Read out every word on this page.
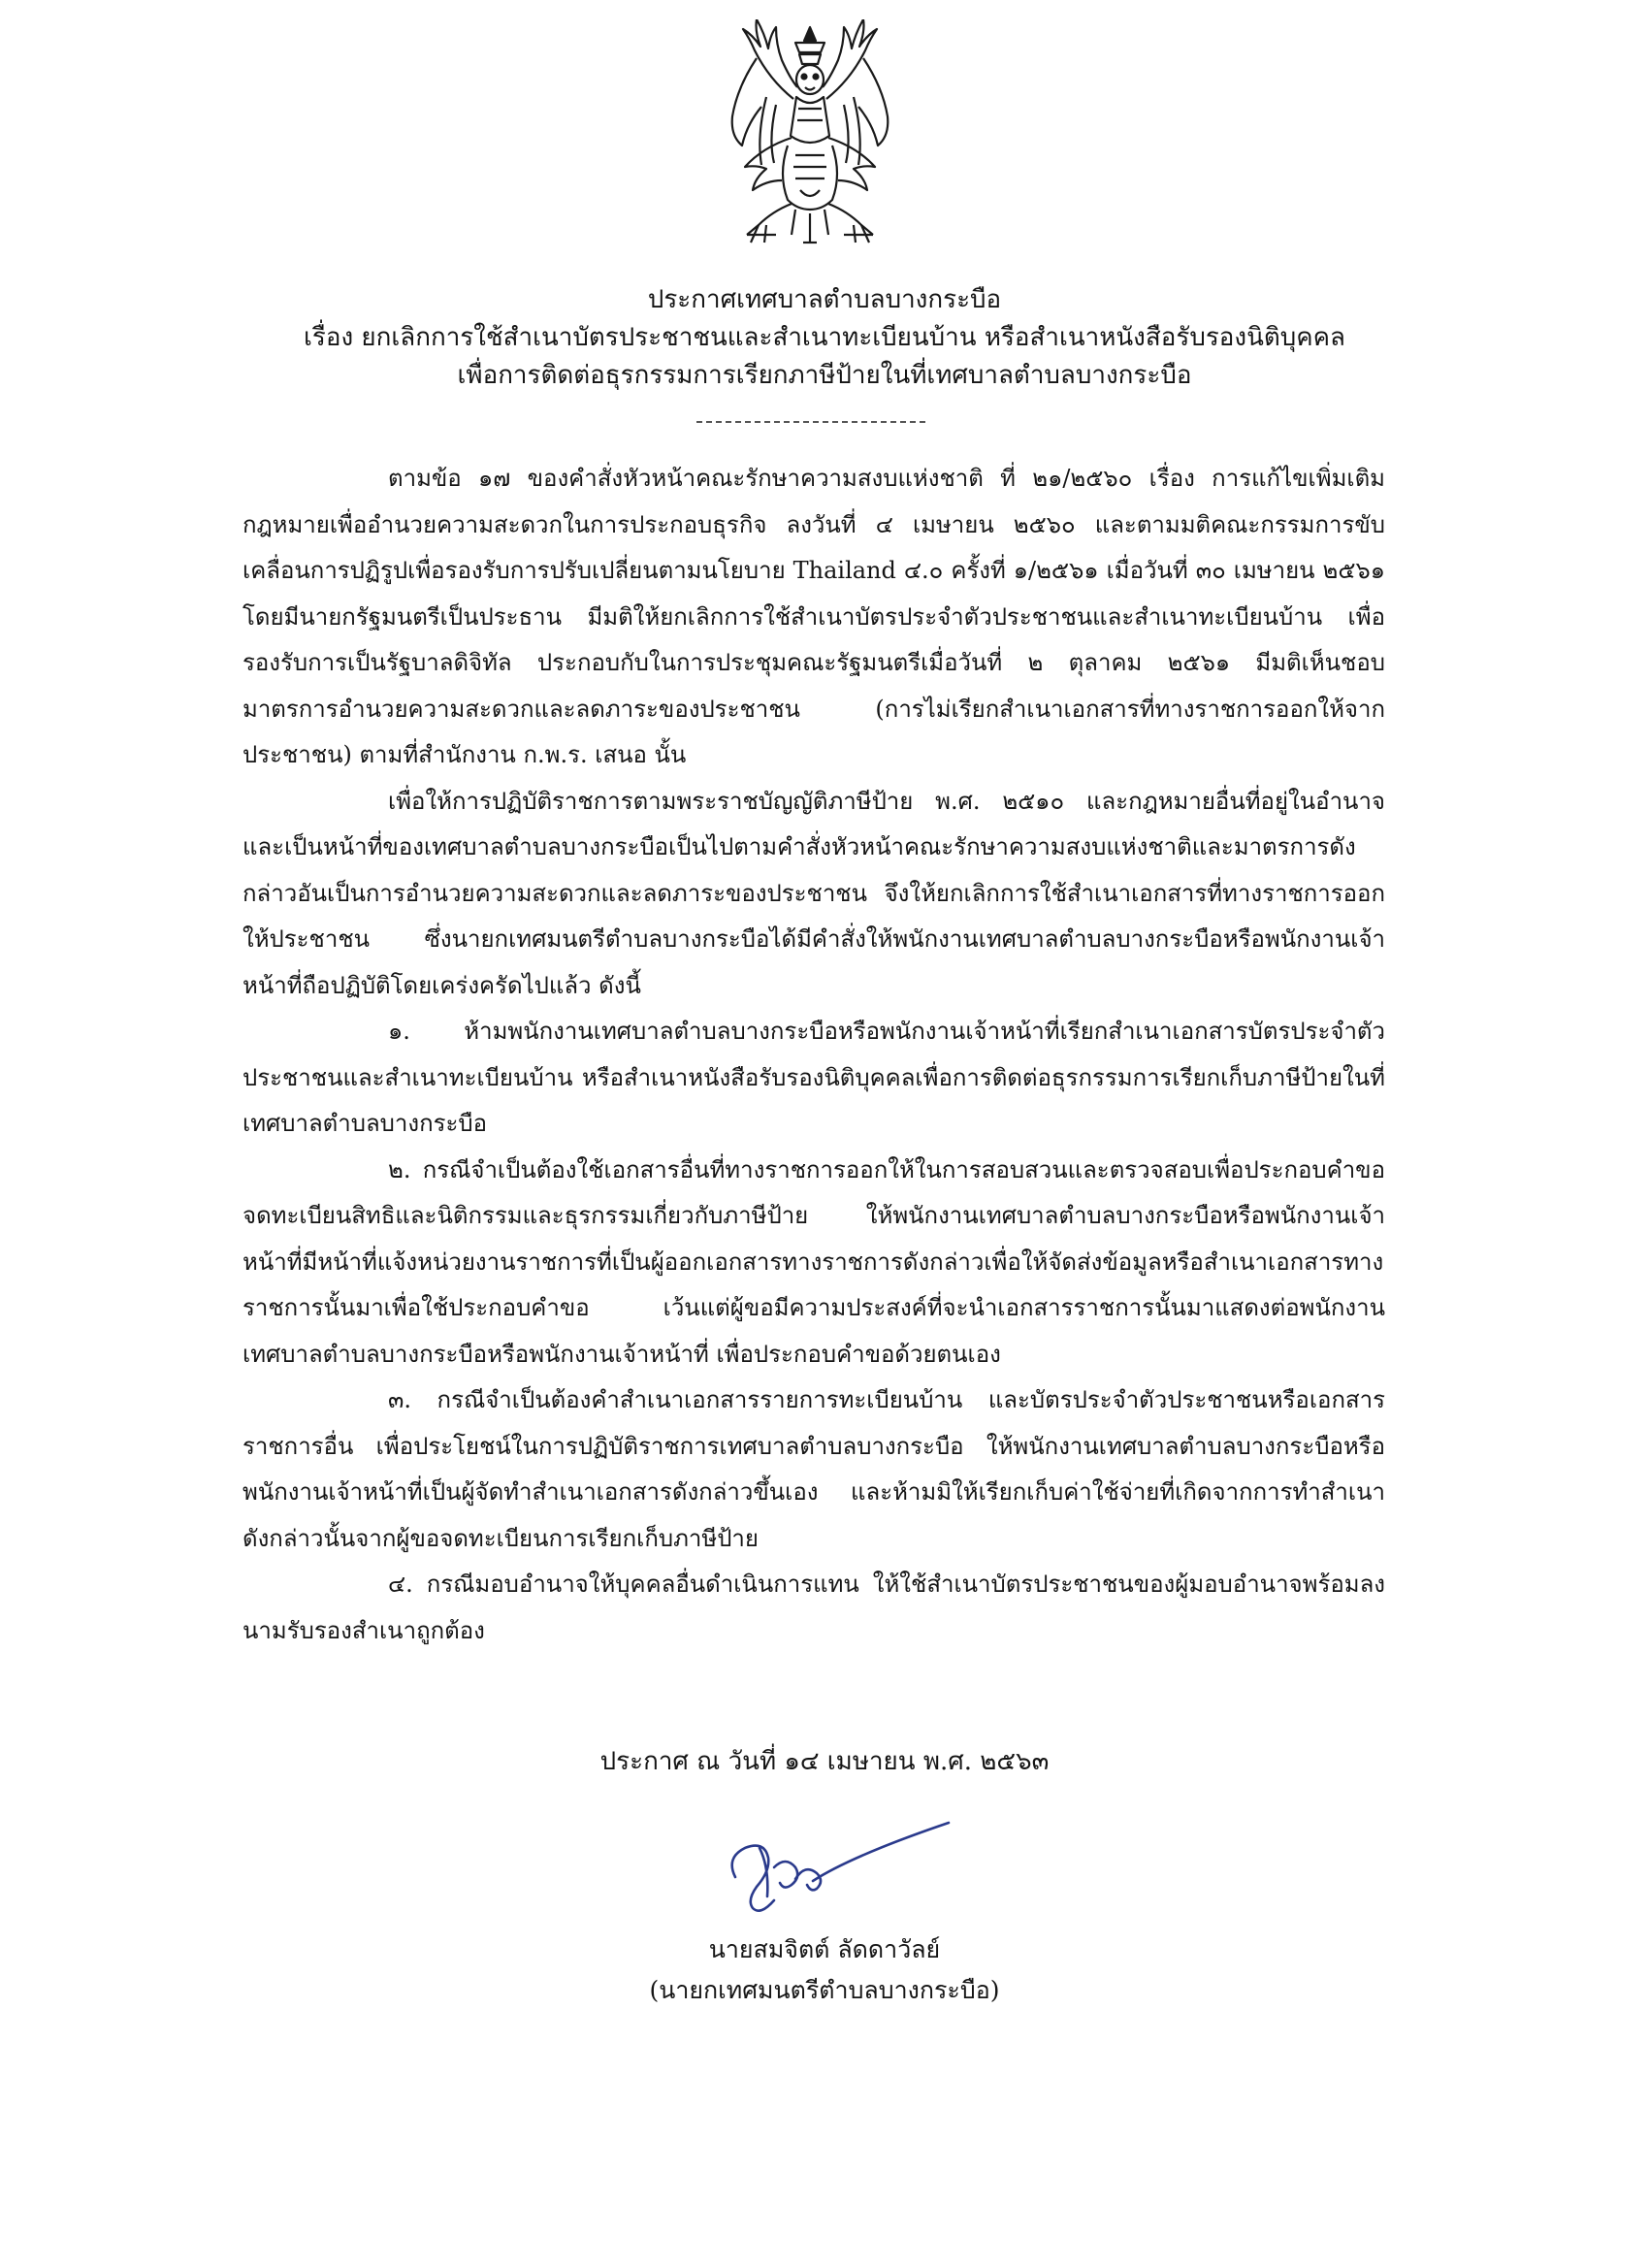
ประกาศเทศบาลตำบลบางกระบือ
เรื่อง ยกเลิกการใช้สำเนาบัตรประชาชนและสำเนาทะเบียนบ้าน หรือสำเนาหนังสือรับรองนิติบุคคล
เพื่อการติดต่อธุรกรรมการเรียกภาษีป้ายในที่เทศบาลตำบลบางกระบือ

ตามข้อ ๑๗ ของคำสั่งหัวหน้าคณะรักษาความสงบแห่งชาติ ที่ ๒๑/๒๕๖๐ เรื่อง การแก้ไขเพิ่มเติมกฎหมายเพื่ออำนวยความสะดวกในการประกอบธุรกิจ ลงวันที่ ๔ เมษายน ๒๕๖๐ และตามมติคณะกรรมการขับเคลื่อนการปฏิรูปเพื่อรองรับการปรับเปลี่ยนตามนโยบาย Thailand ๔.๐ ครั้งที่ ๑/๒๕๖๑ เมื่อวันที่ ๓๐ เมษายน ๒๕๖๑ โดยมีนายกรัฐมนตรีเป็นประธาน มีมติให้ยกเลิกการใช้สำเนาบัตรประจำตัวประชาชนและสำเนาทะเบียนบ้าน เพื่อรองรับการเป็นรัฐบาลดิจิทัล ประกอบกับในการประชุมคณะรัฐมนตรีเมื่อวันที่ ๒ ตุลาคม ๒๕๖๑ มีมติเห็นชอบมาตรการอำนวยความสะดวกและลดภาระของประชาชน (การไม่เรียกสำเนาเอกสารที่ทางราชการออกให้จากประชาชน) ตามที่สำนักงาน ก.พ.ร. เสนอ นั้น

เพื่อให้การปฏิบัติราชการตามพระราชบัญญัติภาษีป้าย พ.ศ. ๒๕๑๐ และกฎหมายอื่นที่อยู่ในอำนาจ และเป็นหน้าที่ของเทศบาลตำบลบางกระบือเป็นไปตามคำสั่งหัวหน้าคณะรักษาความสงบแห่งชาติและมาตรการดังกล่าวอันเป็นการอำนวยความสะดวกและลดภาระของประชาชน จึงให้ยกเลิกการใช้สำเนาเอกสารที่ทางราชการออกให้ประชาชน ซึ่งนายกเทศมนตรีตำบลบางกระบือได้มีคำสั่งให้พนักงานเทศบาลตำบลบางกระบือหรือพนักงานเจ้าหน้าที่ถือปฏิบัติโดยเคร่งครัดไปแล้ว ดังนี้

๑. ห้ามพนักงานเทศบาลตำบลบางกระบือหรือพนักงานเจ้าหน้าที่เรียกสำเนาเอกสารบัตรประจำตัวประชาชนและสำเนาทะเบียนบ้าน หรือสำเนาหนังสือรับรองนิติบุคคลเพื่อการติดต่อธุรกรรมการเรียกเก็บภาษีป้ายในที่เทศบาลตำบลบางกระบือ

๒. กรณีจำเป็นต้องใช้เอกสารอื่นที่ทางราชการออกให้ในการสอบสวนและตรวจสอบเพื่อประกอบคำขอจดทะเบียนสิทธิและนิติกรรมและธุรกรรมเกี่ยวกับภาษีป้าย ให้พนักงานเทศบาลตำบลบางกระบือหรือพนักงานเจ้าหน้าที่มีหน้าที่แจ้งหน่วยงานราชการที่เป็นผู้ออกเอกสารทางราชการดังกล่าวเพื่อให้จัดส่งข้อมูลหรือสำเนาเอกสารทางราชการนั้นมาเพื่อใช้ประกอบคำขอ เว้นแต่ผู้ขอมีความประสงค์ที่จะนำเอกสารราชการนั้นมาแสดงต่อพนักงานเทศบาลตำบลบางกระบือหรือพนักงานเจ้าหน้าที่ เพื่อประกอบคำขอด้วยตนเอง

๓. กรณีจำเป็นต้องคำสำเนาเอกสารรายการทะเบียนบ้าน และบัตรประจำตัวประชาชนหรือเอกสารราชการอื่น เพื่อประโยชน์ในการปฏิบัติราชการเทศบาลตำบลบางกระบือ ให้พนักงานเทศบาลตำบลบางกระบือหรือพนักงานเจ้าหน้าที่เป็นผู้จัดทำสำเนาเอกสารดังกล่าวขึ้นเอง และห้ามมิให้เรียกเก็บค่าใช้จ่ายที่เกิดจากการทำสำเนาดังกล่าวนั้นจากผู้ขอจดทะเบียนการเรียกเก็บภาษีป้าย

๔. กรณีมอบอำนาจให้บุคคลอื่นดำเนินการแทน ให้ใช้สำเนาบัตรประชาชนของผู้มอบอำนาจพร้อมลงนามรับรองสำเนาถูกต้อง

ประกาศ ณ วันที่ ๑๔ เมษายน พ.ศ. ๒๕๖๓
นายสมจิตต์ ลัดดาวัลย์
(นายกเทศมนตรีตำบลบางกระบือ)
